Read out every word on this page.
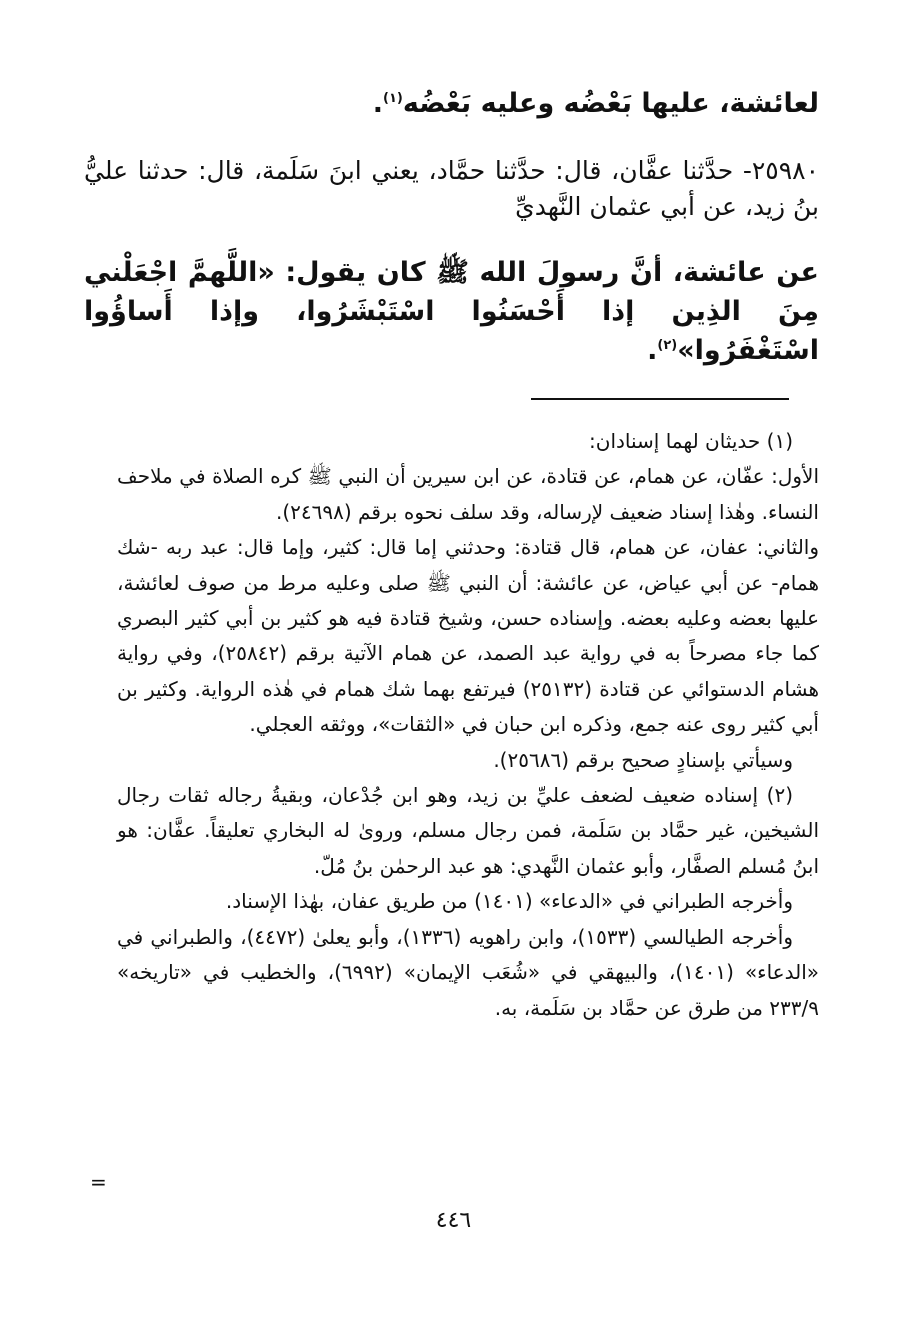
لعائشة، عليها بَعْضُه وعليه بَعْضُه$^{(١)}$.
٢٥٩٨٠- حدَّثنا عفَّان، قال: حدَّثنا حمَّاد، يعني ابنَ سَلَمة، قال: حدثنا عليُّ بنُ زيد، عن أبي عثمان النَّهديِّ
عن عائشة، أنَّ رسولَ الله ﷺ كان يقول: «اللَّهمَّ اجْعَلْني مِنَ الذِين إذا أَحْسَنُوا اسْتَبْشَرُوا، وإذا أَساؤُوا اسْتَغْفَرُوا»$^{(٢)}$.

(١) حديثان لهما إسنادان:

الأول: عفّان، عن همام، عن قتادة، عن ابن سيرين أن النبي ﷺ كره الصلاة في ملاحف النساء. وهٰذا إسناد ضعيف لإرساله، وقد سلف نحوه برقم (٢٤٦٩٨).

والثاني: عفان، عن همام، قال قتادة: وحدثني إما قال: كثير، وإما قال: عبد ربه -شك همام- عن أبي عياض، عن عائشة: أن النبي ﷺ صلى وعليه مرط من صوف لعائشة، عليها بعضه وعليه بعضه. وإسناده حسن، وشيخ قتادة فيه هو كثير بن أبي كثير البصري كما جاء مصرحاً به في رواية عبد الصمد، عن همام الآتية برقم (٢٥٨٤٢)، وفي رواية هشام الدستوائي عن قتادة (٢٥١٣٢) فيرتفع بهما شك همام في هٰذه الرواية. وكثير بن أبي كثير روى عنه جمع، وذكره ابن حبان في «الثقات»، ووثقه العجلي.

وسيأتي بإسنادٍ صحيح برقم (٢٥٦٨٦).

(٢) إسناده ضعيف لضعف عليِّ بن زيد، وهو ابن جُدْعان، وبقيةُ رجاله ثقات رجال الشيخين، غير حمَّاد بن سَلَمة، فمن رجال مسلم، وروىٰ له البخاري تعليقاً. عفَّان: هو ابنُ مُسلم الصفَّار، وأبو عثمان النَّهدي: هو عبد الرحمٰن بنُ مُلّ.

وأخرجه الطبراني في «الدعاء» (١٤٠١) من طريق عفان، بهٰذا الإسناد.

وأخرجه الطيالسي (١٥٣٣)، وابن راهويه (١٣٣٦)، وأبو يعلىٰ (٤٤٧٢)، والطبراني في «الدعاء» (١٤٠١)، والبيهقي في «شُعَب الإيمان» (٦٩٩٢)، والخطيب في «تاريخه» ٢٣٣/٩ من طرق عن حمَّاد بن سَلَمة، به.

=
٤٤٦
